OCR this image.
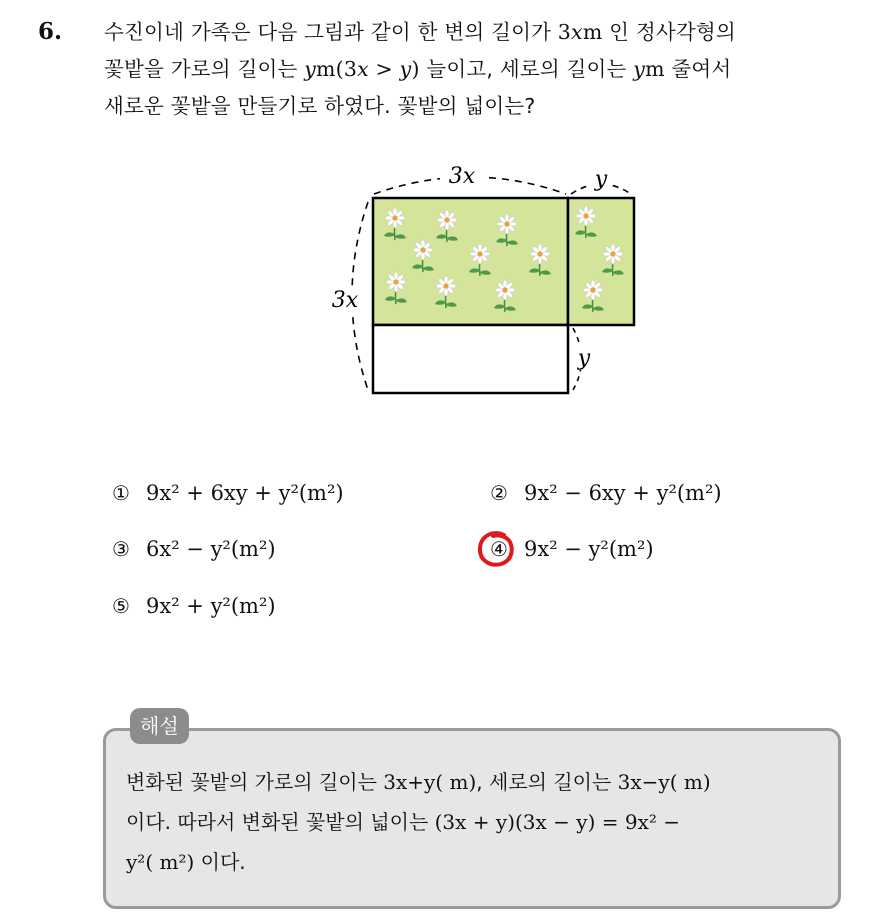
6. 수진이네 가족은 다음 그림과 같이 한 변의 길이가 3xm 인 정사각형의
꽃밭을 가로의 길이는 ym(3x > y) 늘이고, 세로의 길이는 ym 줄여서
새로운 꽃밭을 만들기로 하였다. 꽃밭의 넓이는?
3x	y
3x
y
① 9x² + 6xy + y²(m²)	② 9x² − 6xy + y²(m²)
③ 6x² − y²(m²)	④ 9x² − y²(m²)
⑤ 9x² + y²(m²)
해설
변화된 꽃밭의 가로의 길이는 3x+y( m), 세로의 길이는 3x−y( m)
이다. 따라서 변화된 꽃밭의 넓이는 (3x + y)(3x − y) = 9x² −
y²( m²) 이다.
